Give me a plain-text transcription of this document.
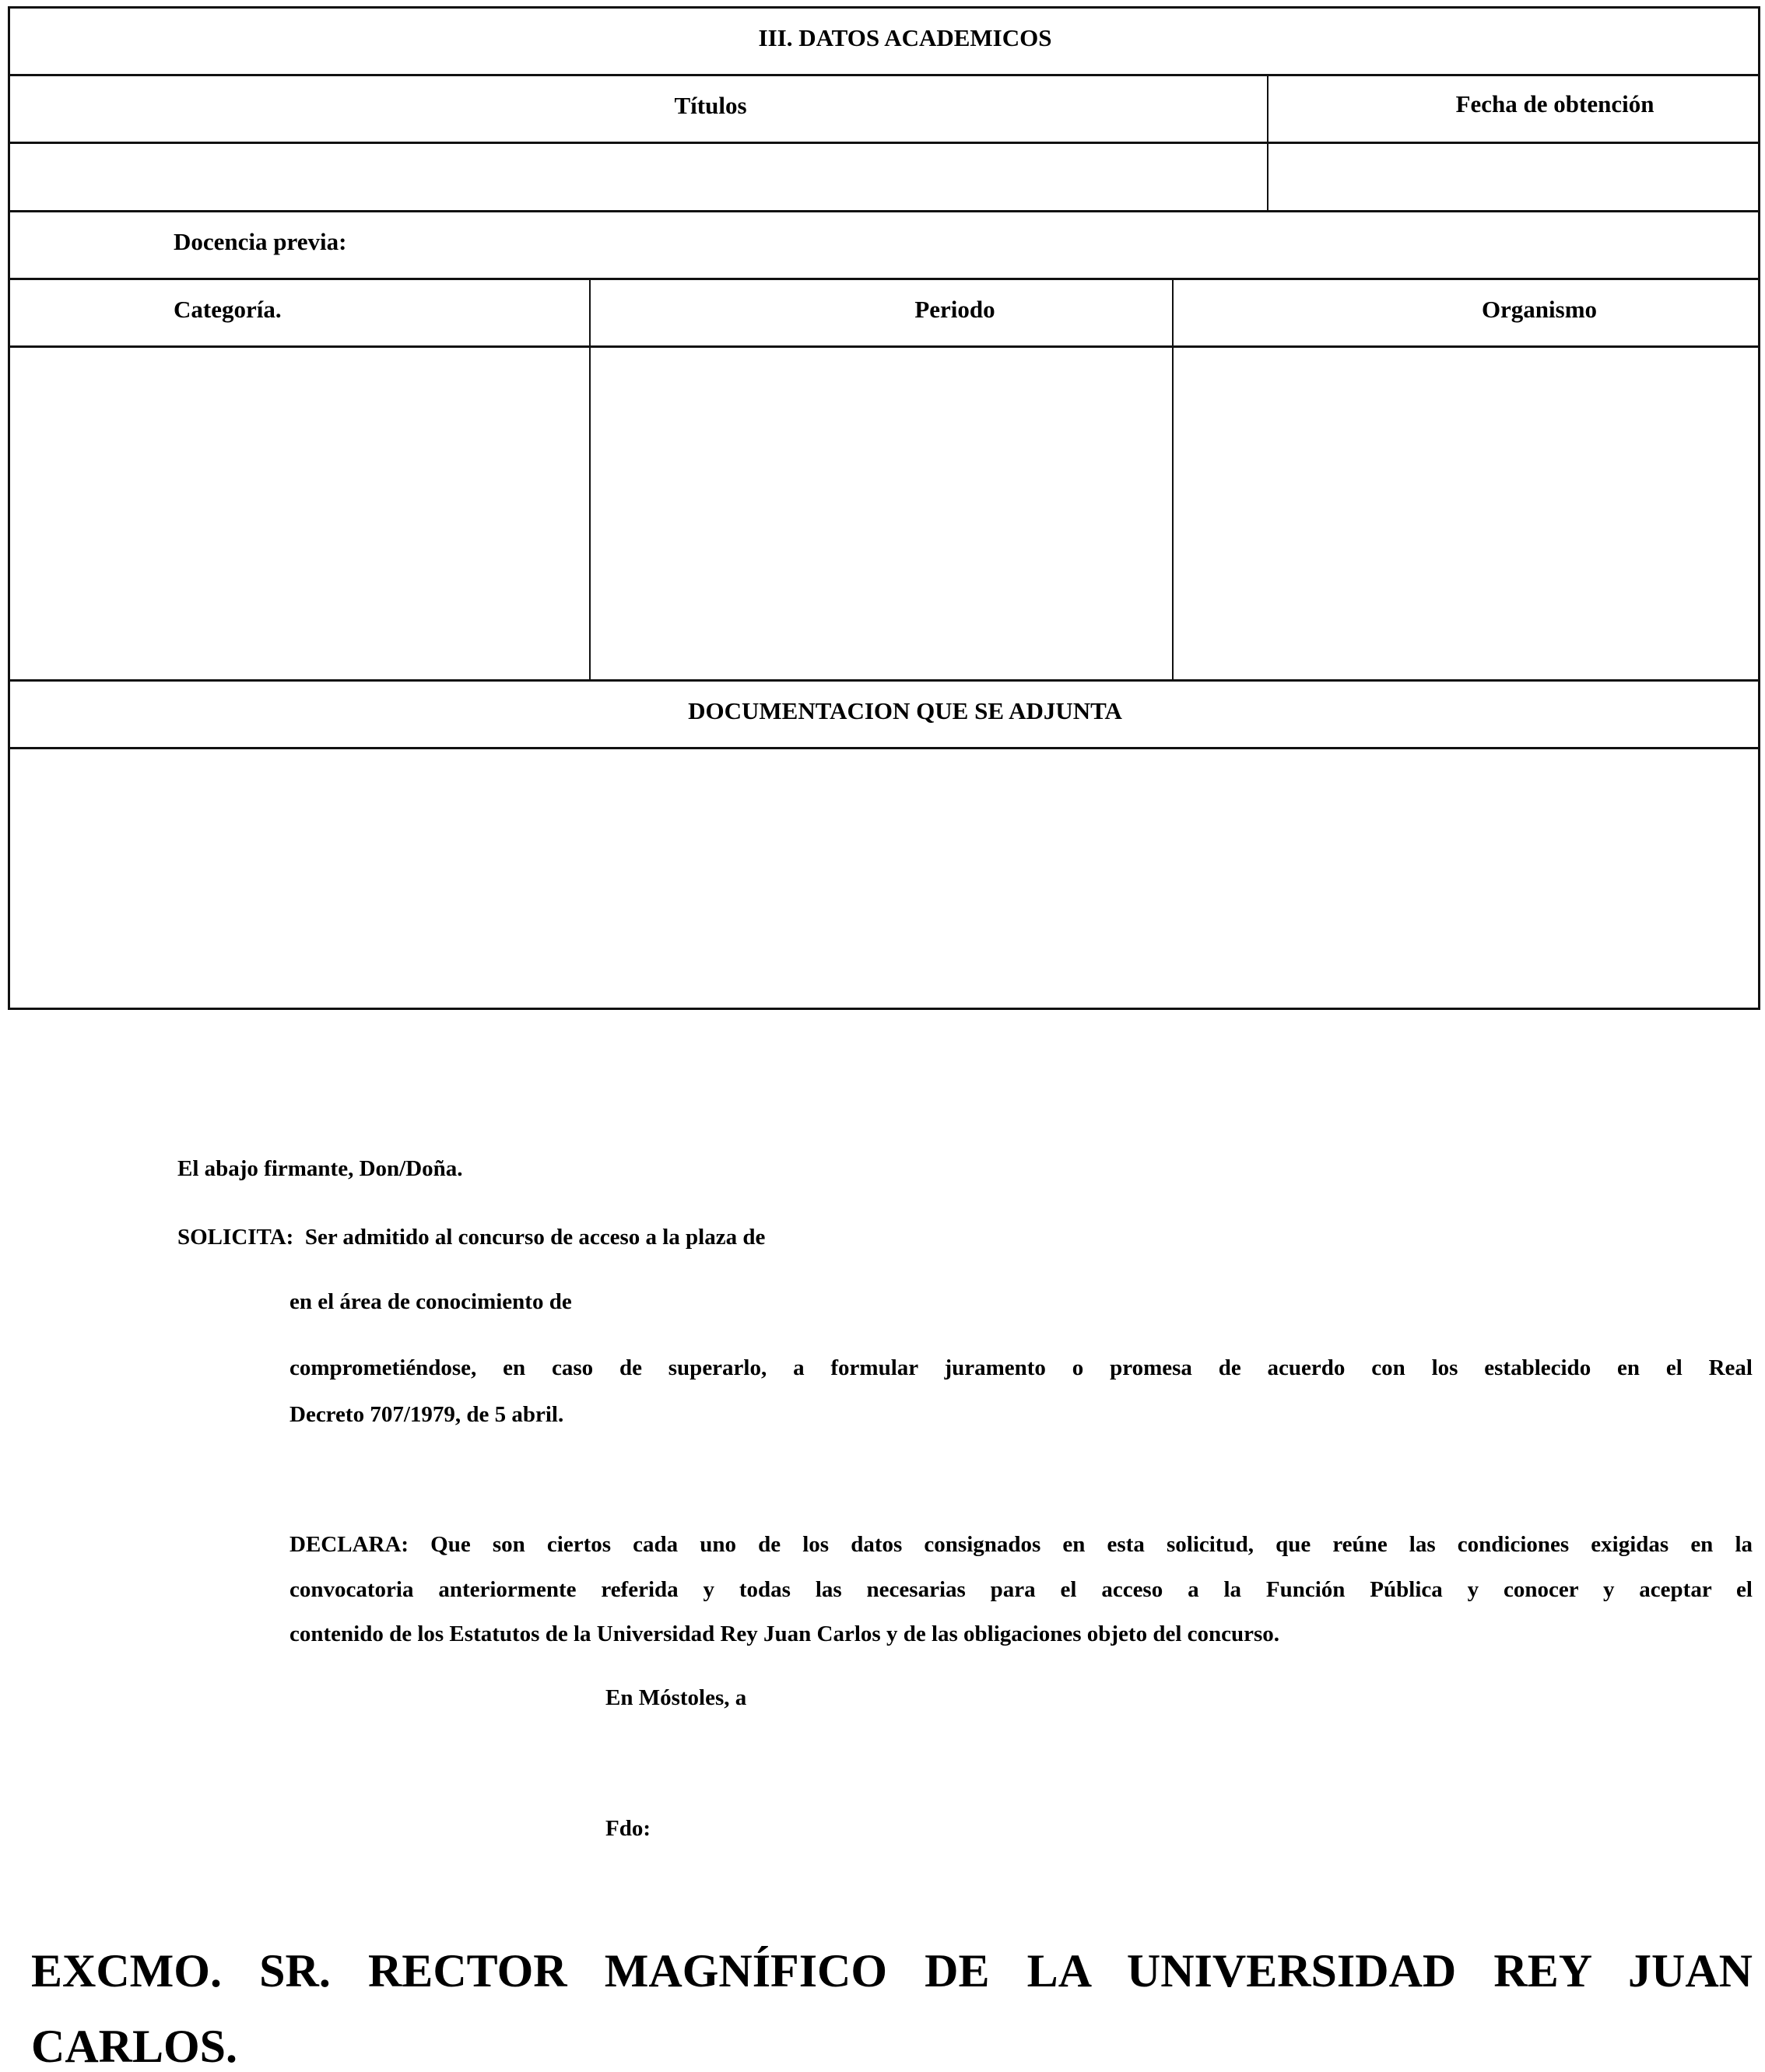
III. DATOS ACADEMICOS
Títulos	Fecha de obtención
Docencia previa:
Categoría.	Periodo	Organismo
DOCUMENTACION QUE SE ADJUNTA
El abajo firmante, Don/Doña.
SOLICITA:  Ser admitido al concurso de acceso a la plaza de
en el área de conocimiento de
comprometiéndose, en caso de superarlo, a formular juramento o promesa de acuerdo con los establecido en el Real
Decreto 707/1979, de 5 abril.
DECLARA: Que son ciertos cada uno de los datos consignados en esta solicitud, que reúne las condiciones exigidas en la
convocatoria anteriormente referida y todas las necesarias para el acceso a la Función Pública y conocer y aceptar el
contenido de los Estatutos de la Universidad Rey Juan Carlos y de las obligaciones objeto del concurso.
En Móstoles, a
Fdo:
EXCMO.  SR.  RECTOR  MAGNÍFICO  DE  LA  UNIVERSIDAD  REY  JUAN
CARLOS.
